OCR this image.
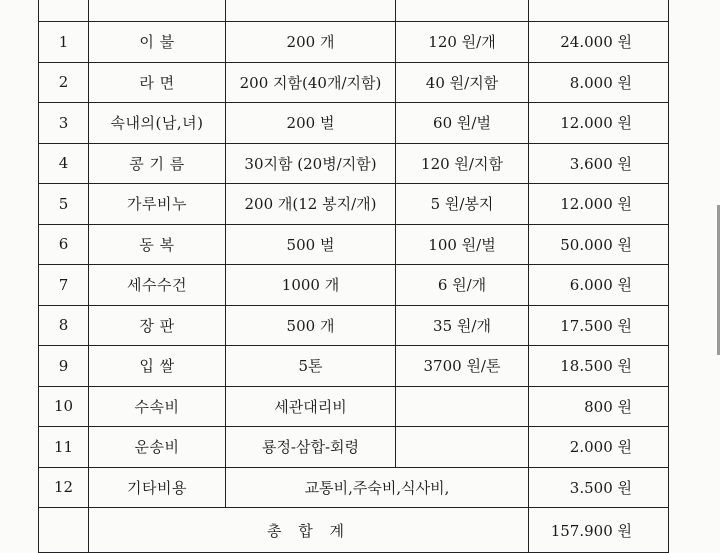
1	이 불	200 개	120 원/개	24.000 원
2	라 면	200 지함(40개/지함)	40 원/지함	8.000 원
3	속내의(남,녀)	200 벌	60 원/벌	12.000 원
4	콩 기 름	30지함 (20병/지함)	120 원/지함	3.600 원
5	가루비누	200 개(12 봉지/개)	5 원/봉지	12.000 원
6	동 복	500 벌	100 원/벌	50.000 원
7	세수수건	1000 개	6 원/개	6.000 원
8	장 판	500 개	35 원/개	17.500 원
9	입 쌀	5톤	3700 원/톤	18.500 원
10	수속비	세관대리비		800 원
11	운송비	룡정-삼합-회령		2.000 원
12	기타비용	교통비,주숙비,식사비,		3.500 원
	총 합 계			157.900 원
